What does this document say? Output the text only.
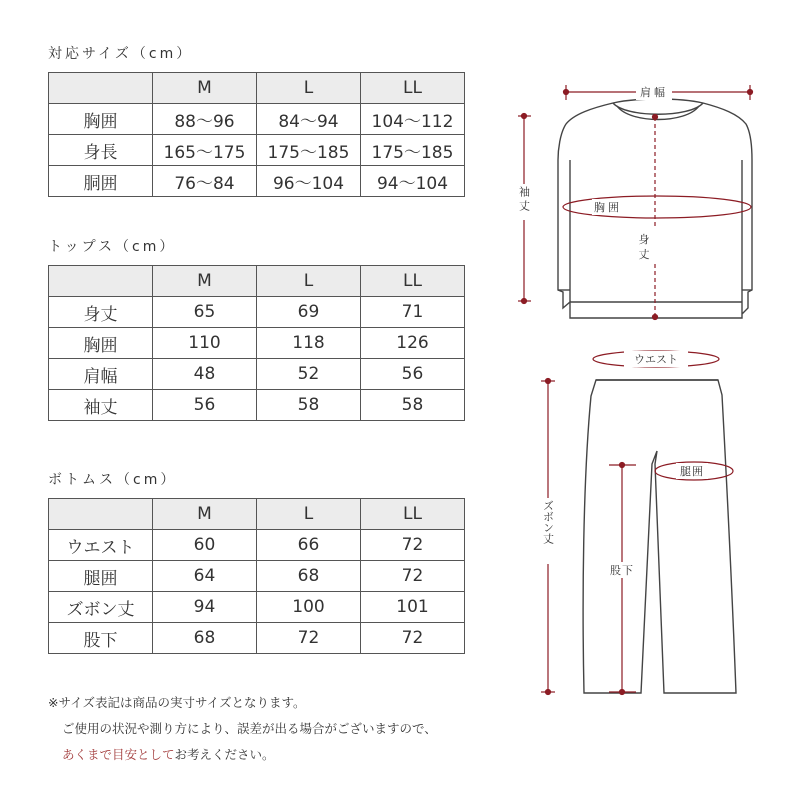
対応サイズ（cm）
	M	L	LL
胸囲	88〜96	84〜94	104〜112
身長	165〜175	175〜185	175〜185
胴囲	76〜84	96〜104	94〜104
トップス（cm）
	M	L	LL
身丈	65	69	71
胸囲	110	118	126
肩幅	48	52	56
袖丈	56	58	58
ボトムス（cm）
	M	L	LL
ウエスト	60	66	72
腿囲	64	68	72
ズボン丈	94	100	101
股下	68	72	72
※サイズ表記は商品の実寸サイズとなります。
ご使用の状況や測り方により、誤差が出る場合がございますので、
あくまで目安としてお考えください。
肩幅
袖丈	胸囲
身
丈
ウエスト
腿囲
ズボン丈
股下
